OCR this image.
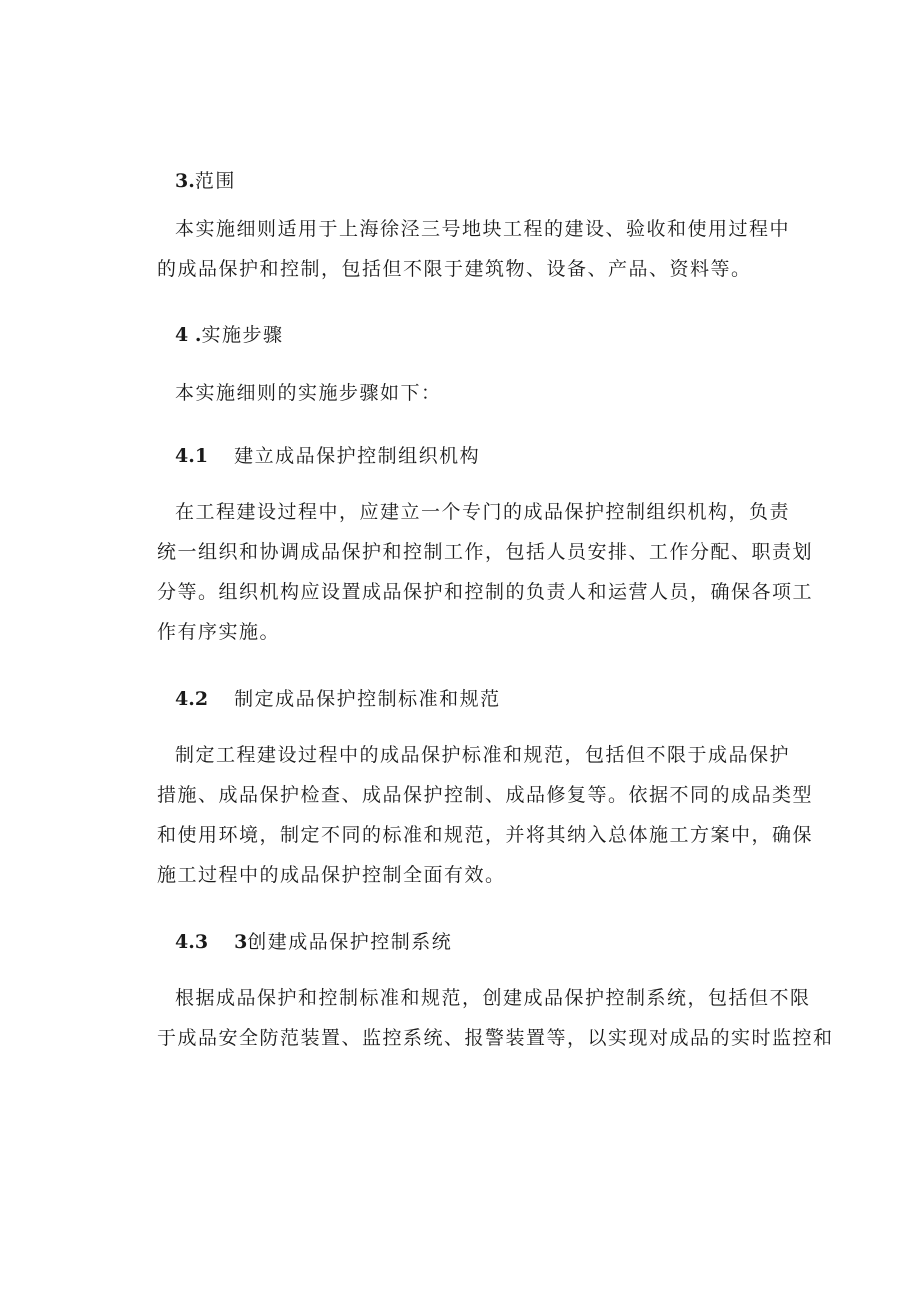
3.范围
本实施细则适用于上海徐泾三号地块工程的建设、验收和使用过程中
的成品保护和控制，包括但不限于建筑物、设备、产品、资料等。
4 .实施步骤
本实施细则的实施步骤如下：
4.1 建立成品保护控制组织机构
在工程建设过程中，应建立一个专门的成品保护控制组织机构，负责
统一组织和协调成品保护和控制工作，包括人员安排、工作分配、职责划
分等。组织机构应设置成品保护和控制的负责人和运营人员，确保各项工
作有序实施。
4.2 制定成品保护控制标准和规范
制定工程建设过程中的成品保护标准和规范，包括但不限于成品保护
措施、成品保护检查、成品保护控制、成品修复等。依据不同的成品类型
和使用环境，制定不同的标准和规范，并将其纳入总体施工方案中，确保
施工过程中的成品保护控制全面有效。
4.3 3创建成品保护控制系统
根据成品保护和控制标准和规范，创建成品保护控制系统，包括但不限
于成品安全防范装置、监控系统、报警装置等，以实现对成品的实时监控和
